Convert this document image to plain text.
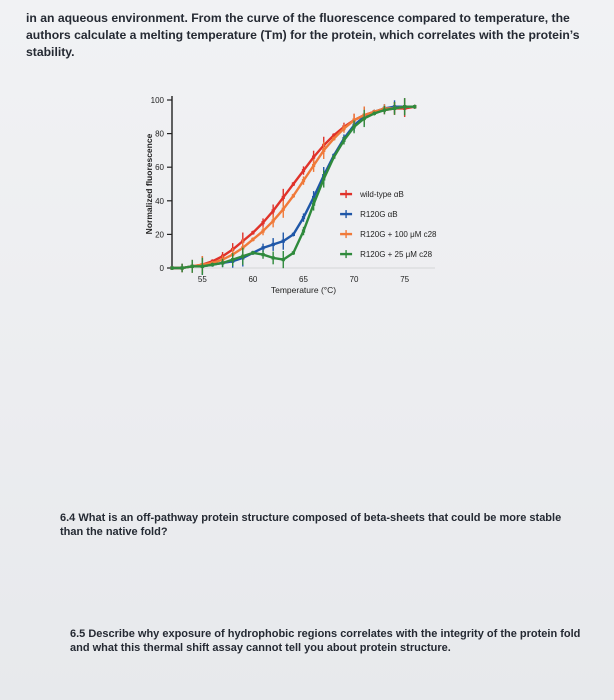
in an aqueous environment. From the curve of the fluorescence compared to temperature, the authors calculate a melting temperature (Tm) for the protein, which correlates with the protein’s stability.
0
20
40
60
80
100
55	60	65	70	75
Normalized fluorescence
Temperature (°C)
wild-type αB
R120G αB
R120G + 100 μM c28
R120G + 25 μM c28
6.4 What is an off-pathway protein structure composed of beta-sheets that could be more stable than the native fold?
6.5 Describe why exposure of hydrophobic regions correlates with the integrity of the protein fold and what this thermal shift assay cannot tell you about protein structure.
